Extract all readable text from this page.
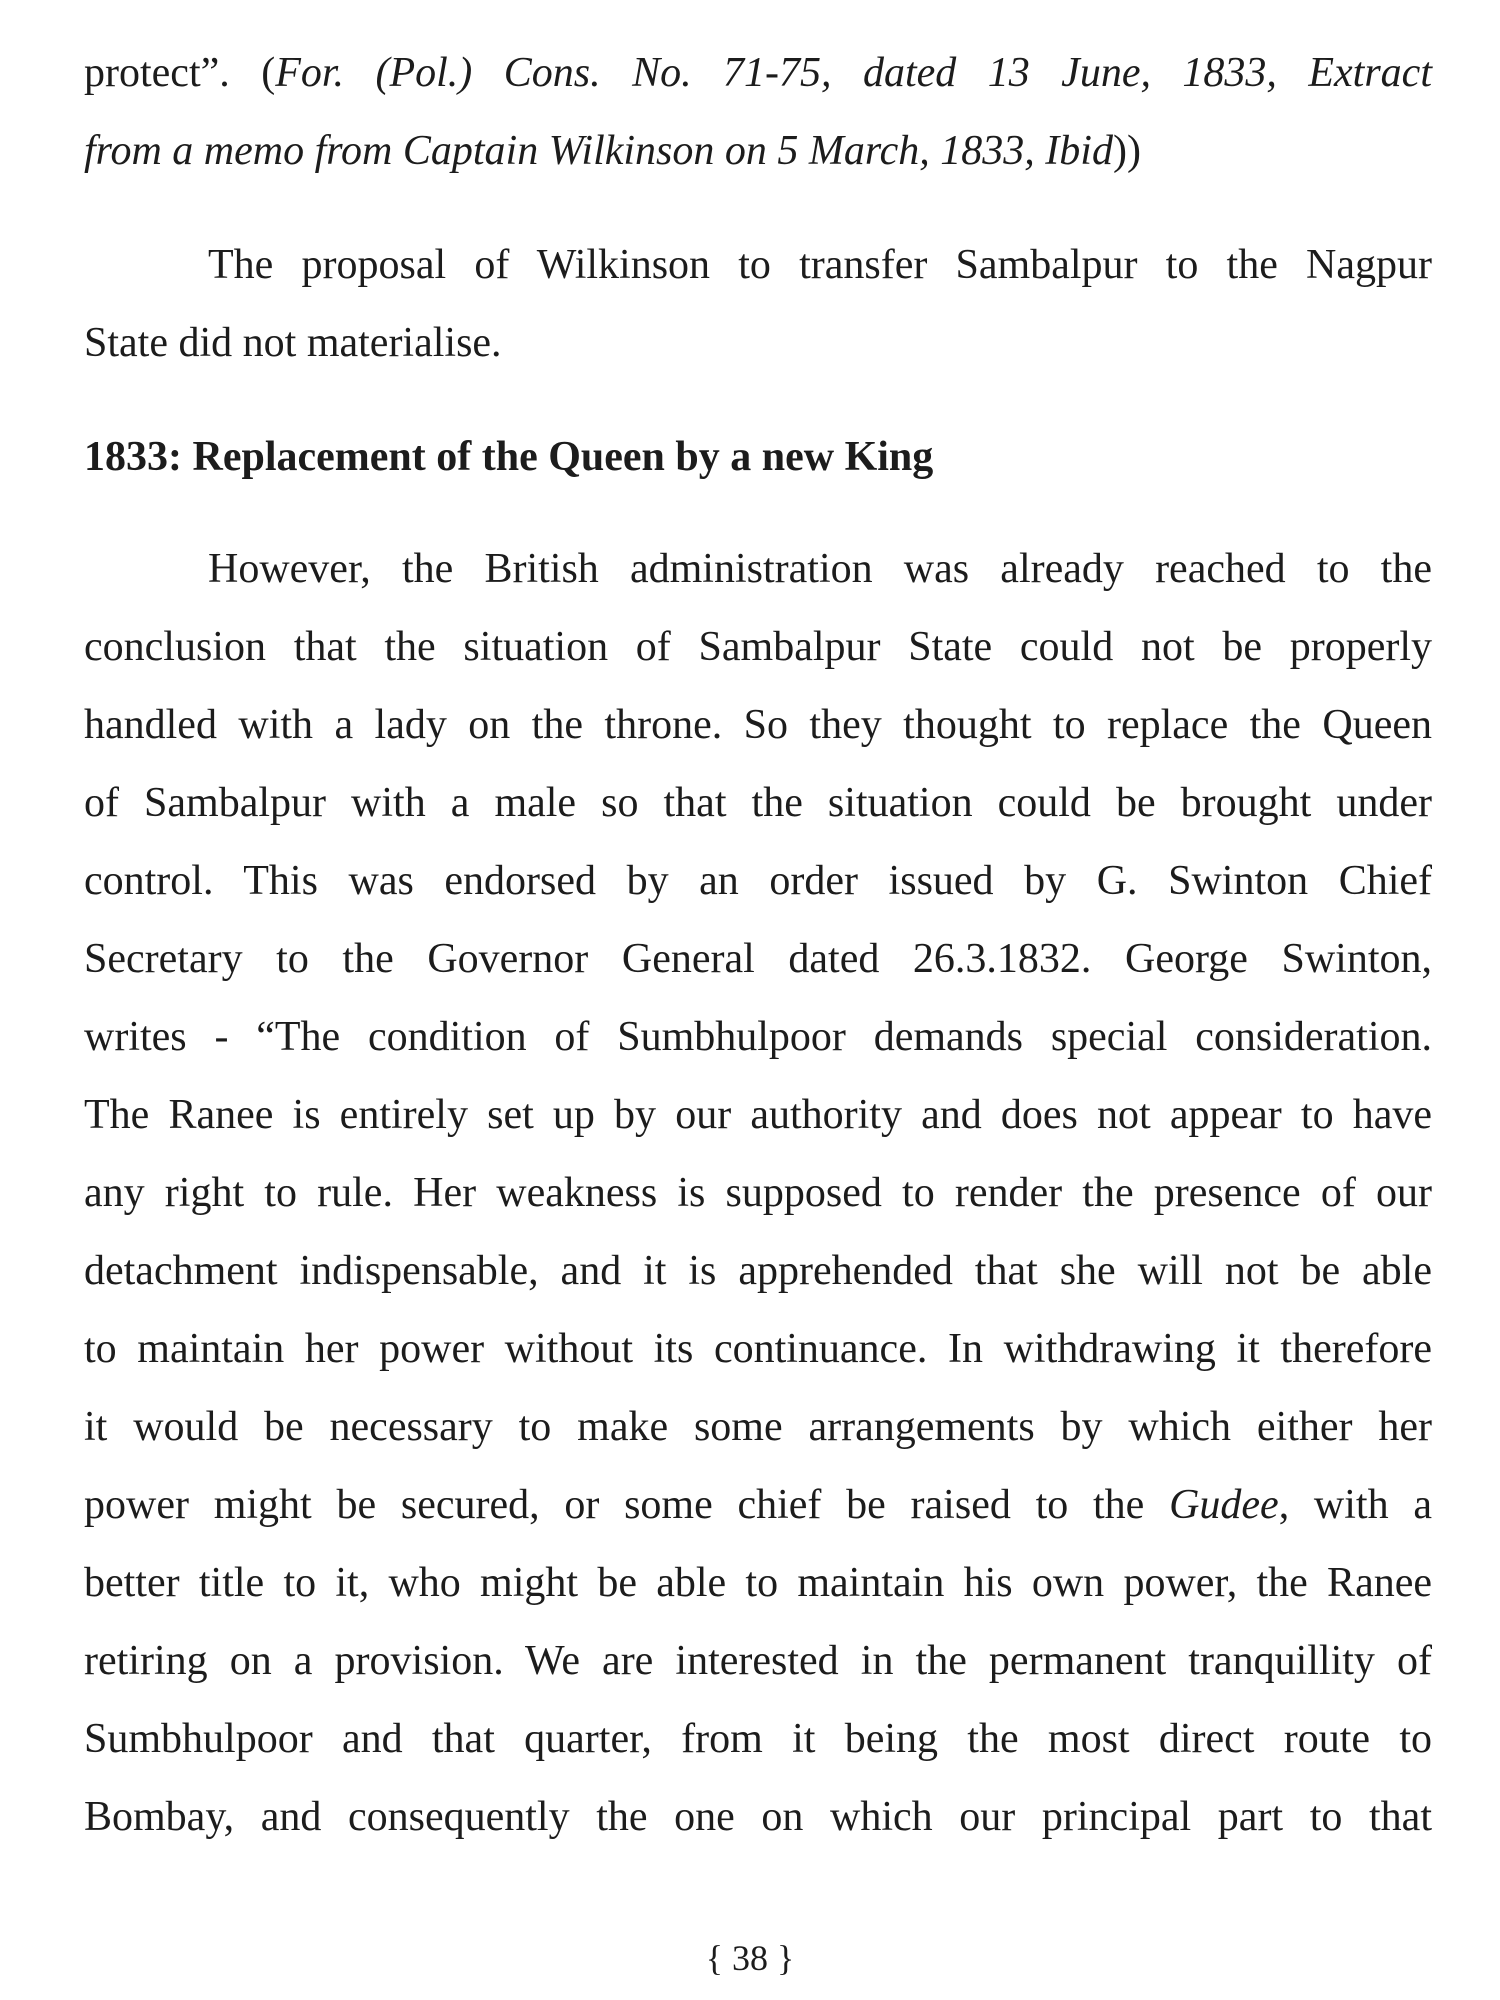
protect”. (For. (Pol.) Cons. No. 71-75, dated 13 June, 1833, Extract
from a memo from Captain Wilkinson on 5 March, 1833, Ibid))
The proposal of Wilkinson to transfer Sambalpur to the Nagpur
State did not materialise.
1833: Replacement of the Queen by a new King
However, the British administration was already reached to the
conclusion that the situation of Sambalpur State could not be properly
handled with a lady on the throne. So they thought to replace the Queen
of Sambalpur with a male so that the situation could be brought under
control. This was endorsed by an order issued by G. Swinton Chief
Secretary to the Governor General dated 26.3.1832. George Swinton,
writes - “The condition of Sumbhulpoor demands special consideration.
The Ranee is entirely set up by our authority and does not appear to have
any right to rule. Her weakness is supposed to render the presence of our
detachment indispensable, and it is apprehended that she will not be able
to maintain her power without its continuance. In withdrawing it therefore
it would be necessary to make some arrangements by which either her
power might be secured, or some chief be raised to the Gudee, with a
better title to it, who might be able to maintain his own power, the Ranee
retiring on a provision. We are interested in the permanent tranquillity of
Sumbhulpoor and that quarter, from it being the most direct route to
Bombay, and consequently the one on which our principal part to that
{ 38 }
